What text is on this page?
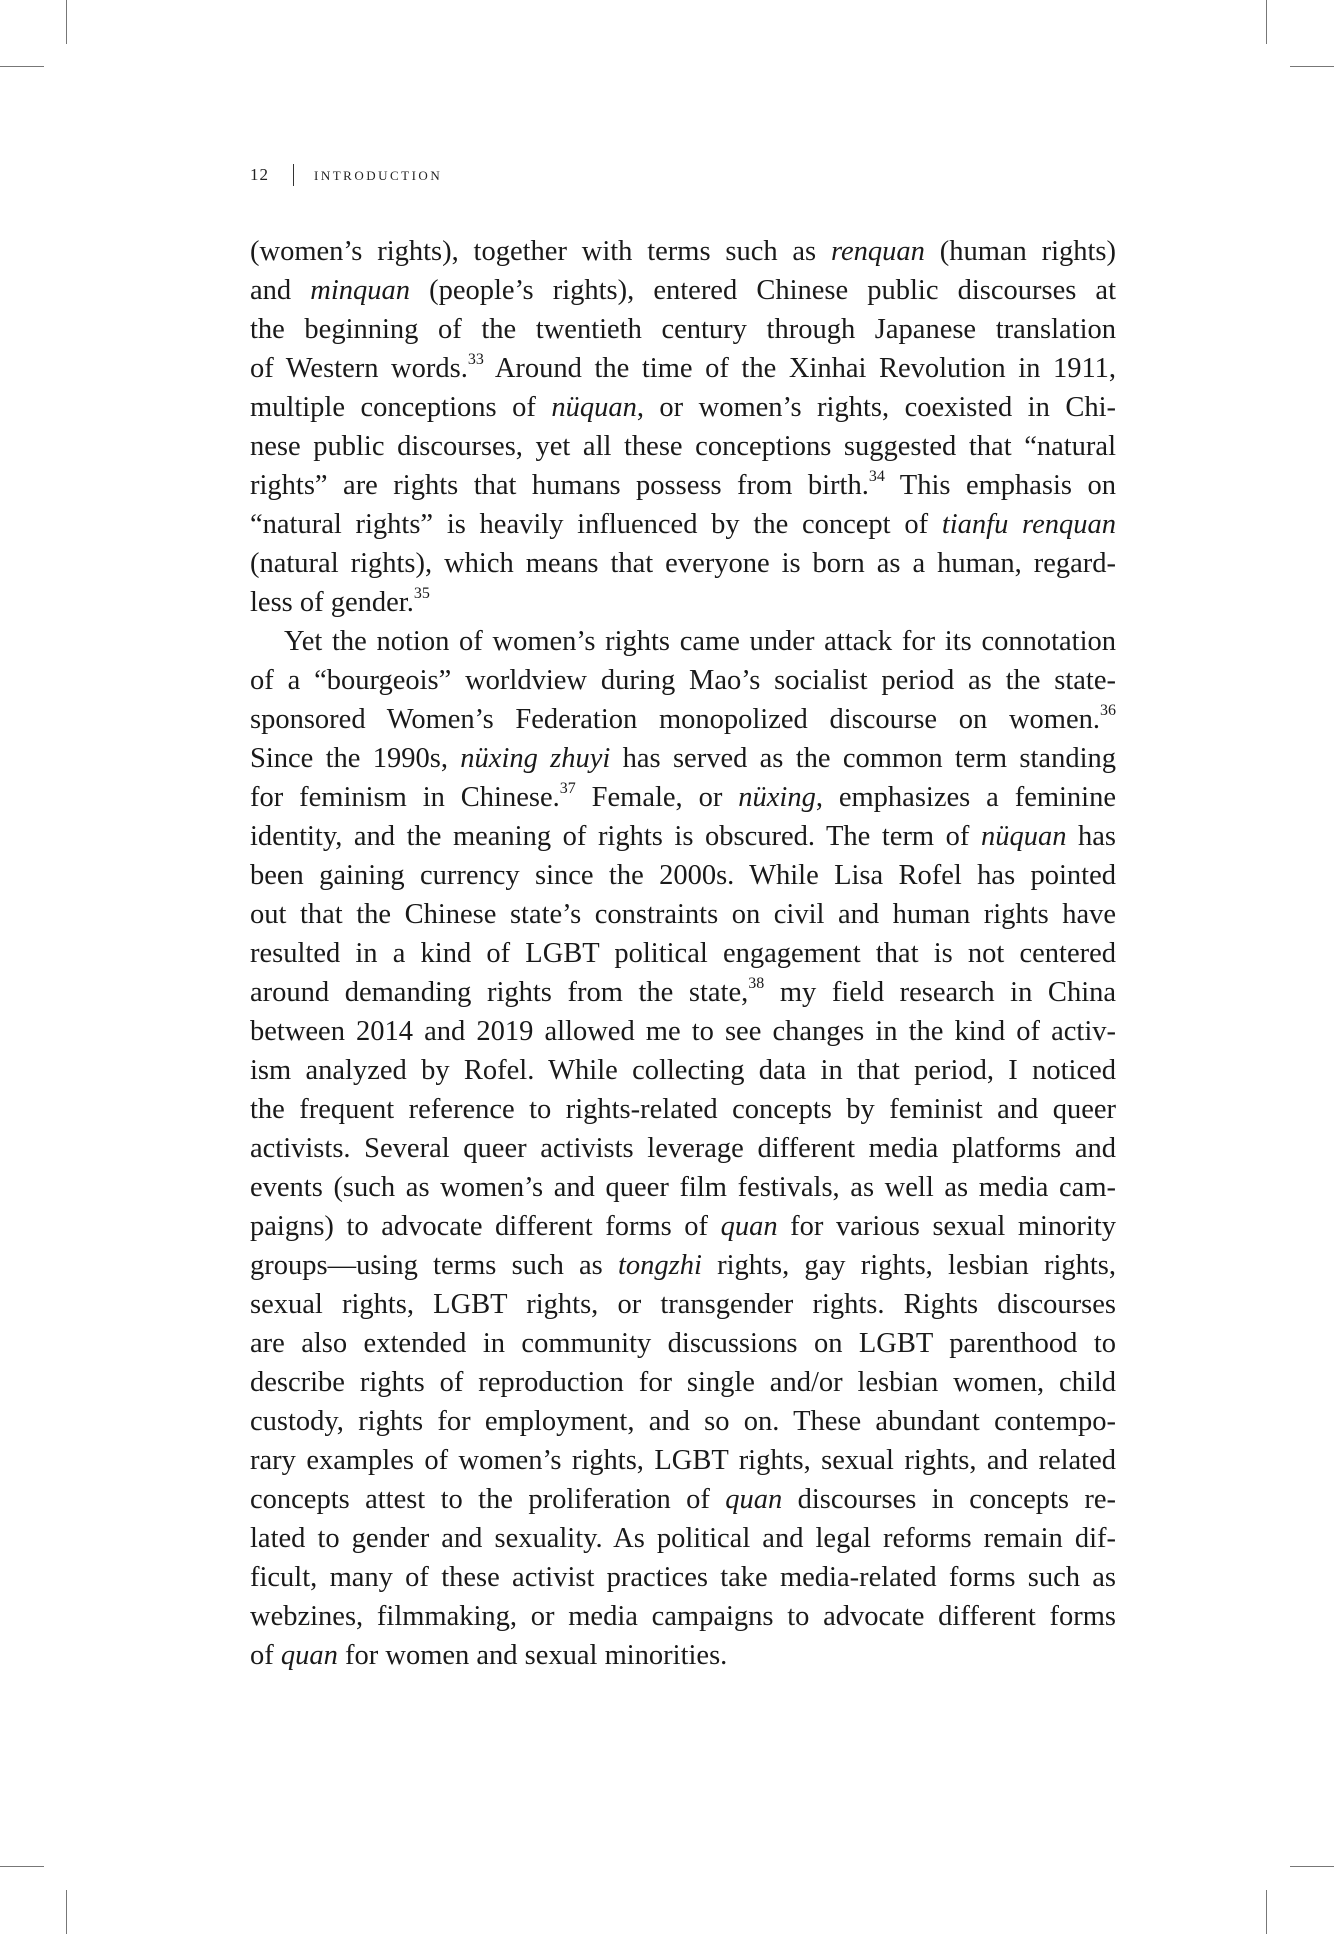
12 introduction
(women’s rights), together with terms such as renquan (human rights)
and minquan (people’s rights), entered Chinese public discourses at
the beginning of the twentieth century through Japanese translation
of Western words.$^{33}$ Around the time of the Xinhai Revolution in 1911,
multiple conceptions of nüquan, or women’s rights, coexisted in Chi-
nese public discourses, yet all these conceptions suggested that “natural
rights” are rights that humans possess from birth.$^{34}$ This emphasis on
“natural rights” is heavily influenced by the concept of tianfu renquan
(natural rights), which means that everyone is born as a human, regard-
less of gender.$^{35}$
Yet the notion of women’s rights came under attack for its connotation
of a “bourgeois” worldview during Mao’s socialist period as the state-
sponsored Women’s Federation monopolized discourse on women.$^{36}$
Since the 1990s, nüxing zhuyi has served as the common term standing
for feminism in Chinese.$^{37}$ Female, or nüxing, emphasizes a feminine
identity, and the meaning of rights is obscured. The term of nüquan has
been gaining currency since the 2000s. While Lisa Rofel has pointed
out that the Chinese state’s constraints on civil and human rights have
resulted in a kind of LGBT political engagement that is not centered
around demanding rights from the state,$^{38}$ my field research in China
between 2014 and 2019 allowed me to see changes in the kind of activ-
ism analyzed by Rofel. While collecting data in that period, I noticed
the frequent reference to rights-related concepts by feminist and queer
activists. Several queer activists leverage different media platforms and
events (such as women’s and queer film festivals, as well as media cam-
paigns) to advocate different forms of quan for various sexual minority
groups—using terms such as tongzhi rights, gay rights, lesbian rights,
sexual rights, LGBT rights, or transgender rights. Rights discourses
are also extended in community discussions on LGBT parenthood to
describe rights of reproduction for single and/or lesbian women, child
custody, rights for employment, and so on. These abundant contempo-
rary examples of women’s rights, LGBT rights, sexual rights, and related
concepts attest to the proliferation of quan discourses in concepts re-
lated to gender and sexuality. As political and legal reforms remain dif-
ficult, many of these activist practices take media-related forms such as
webzines, filmmaking, or media campaigns to advocate different forms
of quan for women and sexual minorities.
